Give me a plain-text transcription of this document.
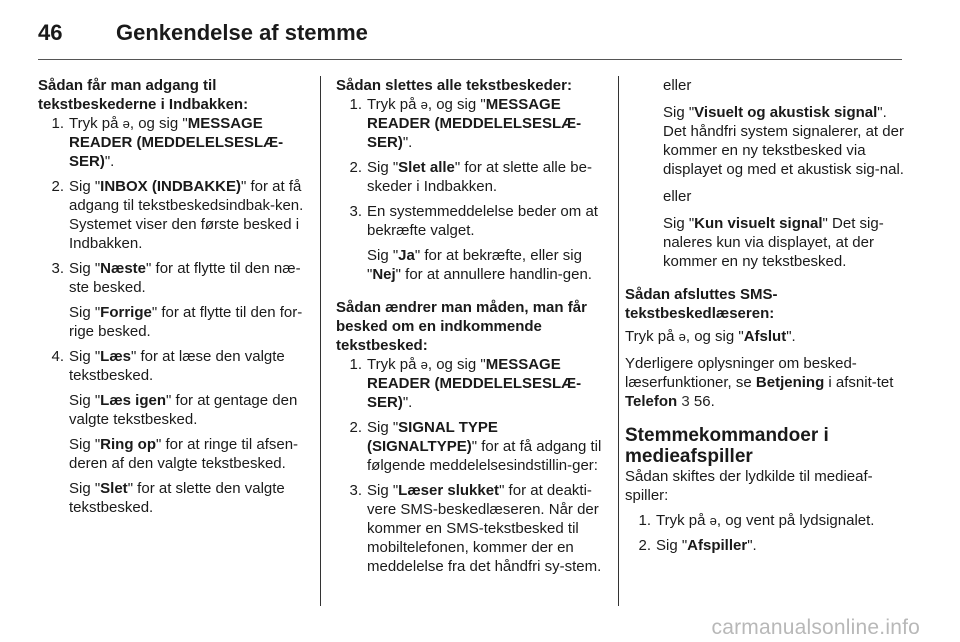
46	Genkendelse af stemme
Sådan får man adgang til tekstbeskederne i Indbakken:
1. Tryk på ǝ, og sig "MESSAGE READER (MEDDELELSESLÆ-SER)".
2. Sig "INBOX (INDBAKKE)" for at få adgang til tekstbeskedsindbak-ken. Systemet viser den første besked i Indbakken.
3. Sig "Næste" for at flytte til den næ-ste besked.
Sig "Forrige" for at flytte til den for-rige besked.
4. Sig "Læs" for at læse den valgte tekstbesked.
Sig "Læs igen" for at gentage den valgte tekstbesked.
Sig "Ring op" for at ringe til afsen-deren af den valgte tekstbesked.
Sig "Slet" for at slette den valgte tekstbesked.
Sådan slettes alle tekstbeskeder:
1. Tryk på ǝ, og sig "MESSAGE READER (MEDDELELSESLÆ-SER)".
2. Sig "Slet alle" for at slette alle be-skeder i Indbakken.
3. En systemmeddelelse beder om at bekræfte valget.
Sig "Ja" for at bekræfte, eller sig "Nej" for at annullere handlin-gen.
Sådan ændrer man måden, man får besked om en indkommende tekstbesked:
1. Tryk på ǝ, og sig "MESSAGE READER (MEDDELELSESLÆ-SER)".
2. Sig "SIGNAL TYPE (SIGNALTYPE)" for at få adgang til følgende meddelelsesindstillin-ger:
3. Sig "Læser slukket" for at deakti-vere SMS-beskedlæseren. Når der kommer en SMS-tekstbesked til mobiltelefonen, kommer der en meddelelse fra det håndfri sy-stem.
eller
Sig "Visuelt og akustisk signal". Det håndfri system signalerer, at der kommer en ny tekstbesked via displayet og med et akustisk sig-nal.
eller
Sig "Kun visuelt signal" Det sig-naleres kun via displayet, at der kommer en ny tekstbesked.
Sådan afsluttes SMS-tekstbeskedlæseren:
Tryk på ǝ, og sig "Afslut".
Yderligere oplysninger om besked-læserfunktioner, se Betjening i afsnit-tet Telefon 3 56.
Stemmekommandoer i medieafspiller
Sådan skiftes der lydkilde til medieaf-spiller:
1. Tryk på ǝ, og vent på lydsignalet.
2. Sig "Afspiller".
carmanualsonline.info
